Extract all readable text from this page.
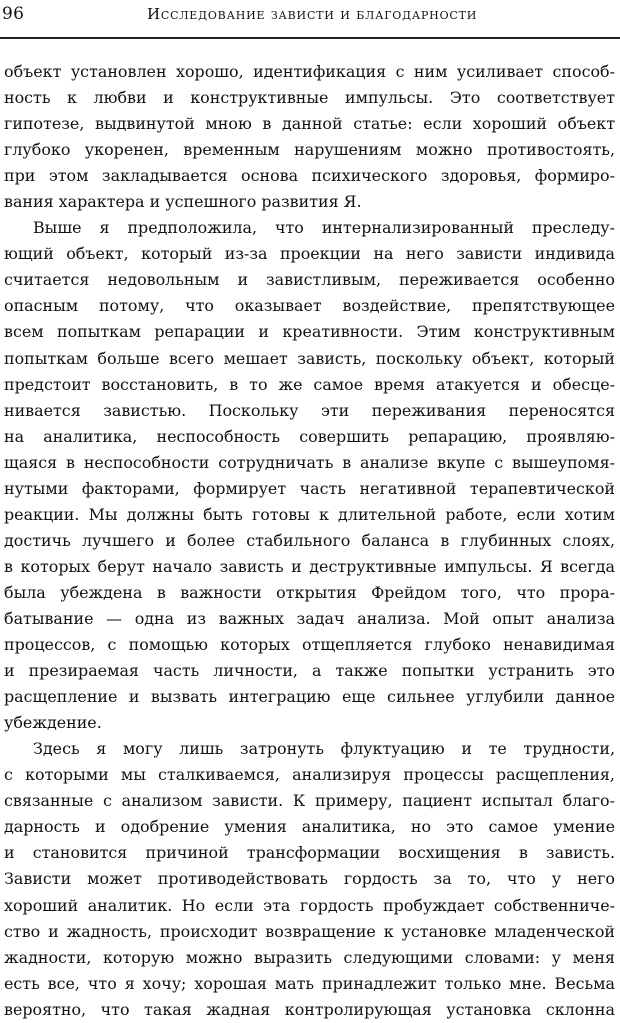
96	Исследование зависти и благодарности
объект установлен хорошо, идентификация с ним усиливает способ-
ность к любви и конструктивные импульсы. Это соответствует
гипотезе, выдвинутой мною в данной статье: если хороший объект
глубоко укоренен, временным нарушениям можно противостоять,
при этом закладывается основа психического здоровья, формиро-
вания характера и успешного развития Я.
Выше я предположила, что интернализированный преследу-
ющий объект, который из-за проекции на него зависти индивида
считается недовольным и завистливым, переживается особенно
опасным потому, что оказывает воздействие, препятствующее
всем попыткам репарации и креативности. Этим конструктивным
попыткам больше всего мешает зависть, поскольку объект, который
предстоит восстановить, в то же самое время атакуется и обесце-
нивается завистью. Поскольку эти переживания переносятся
на аналитика, неспособность совершить репарацию, проявляю-
щаяся в неспособности сотрудничать в анализе вкупе с вышеупомя-
нутыми факторами, формирует часть негативной терапевтической
реакции. Мы должны быть готовы к длительной работе, если хотим
достичь лучшего и более стабильного баланса в глубинных слоях,
в которых берут начало зависть и деструктивные импульсы. Я всегда
была убеждена в важности открытия Фрейдом того, что прора-
батывание — одна из важных задач анализа. Мой опыт анализа
процессов, с помощью которых отщепляется глубоко ненавидимая
и презираемая часть личности, а также попытки устранить это
расщепление и вызвать интеграцию еще сильнее углубили данное
убеждение.
Здесь я могу лишь затронуть флуктуацию и те трудности,
с которыми мы сталкиваемся, анализируя процессы расщепления,
связанные с анализом зависти. К примеру, пациент испытал благо-
дарность и одобрение умения аналитика, но это самое умение
и становится причиной трансформации восхищения в зависть.
Зависти может противодействовать гордость за то, что у него
хороший аналитик. Но если эта гордость пробуждает собственниче-
ство и жадность, происходит возвращение к установке младенческой
жадности, которую можно выразить следующими словами: у меня
есть все, что я хочу; хорошая мать принадлежит только мне. Весьма
вероятно, что такая жадная контролирующая установка склонна
